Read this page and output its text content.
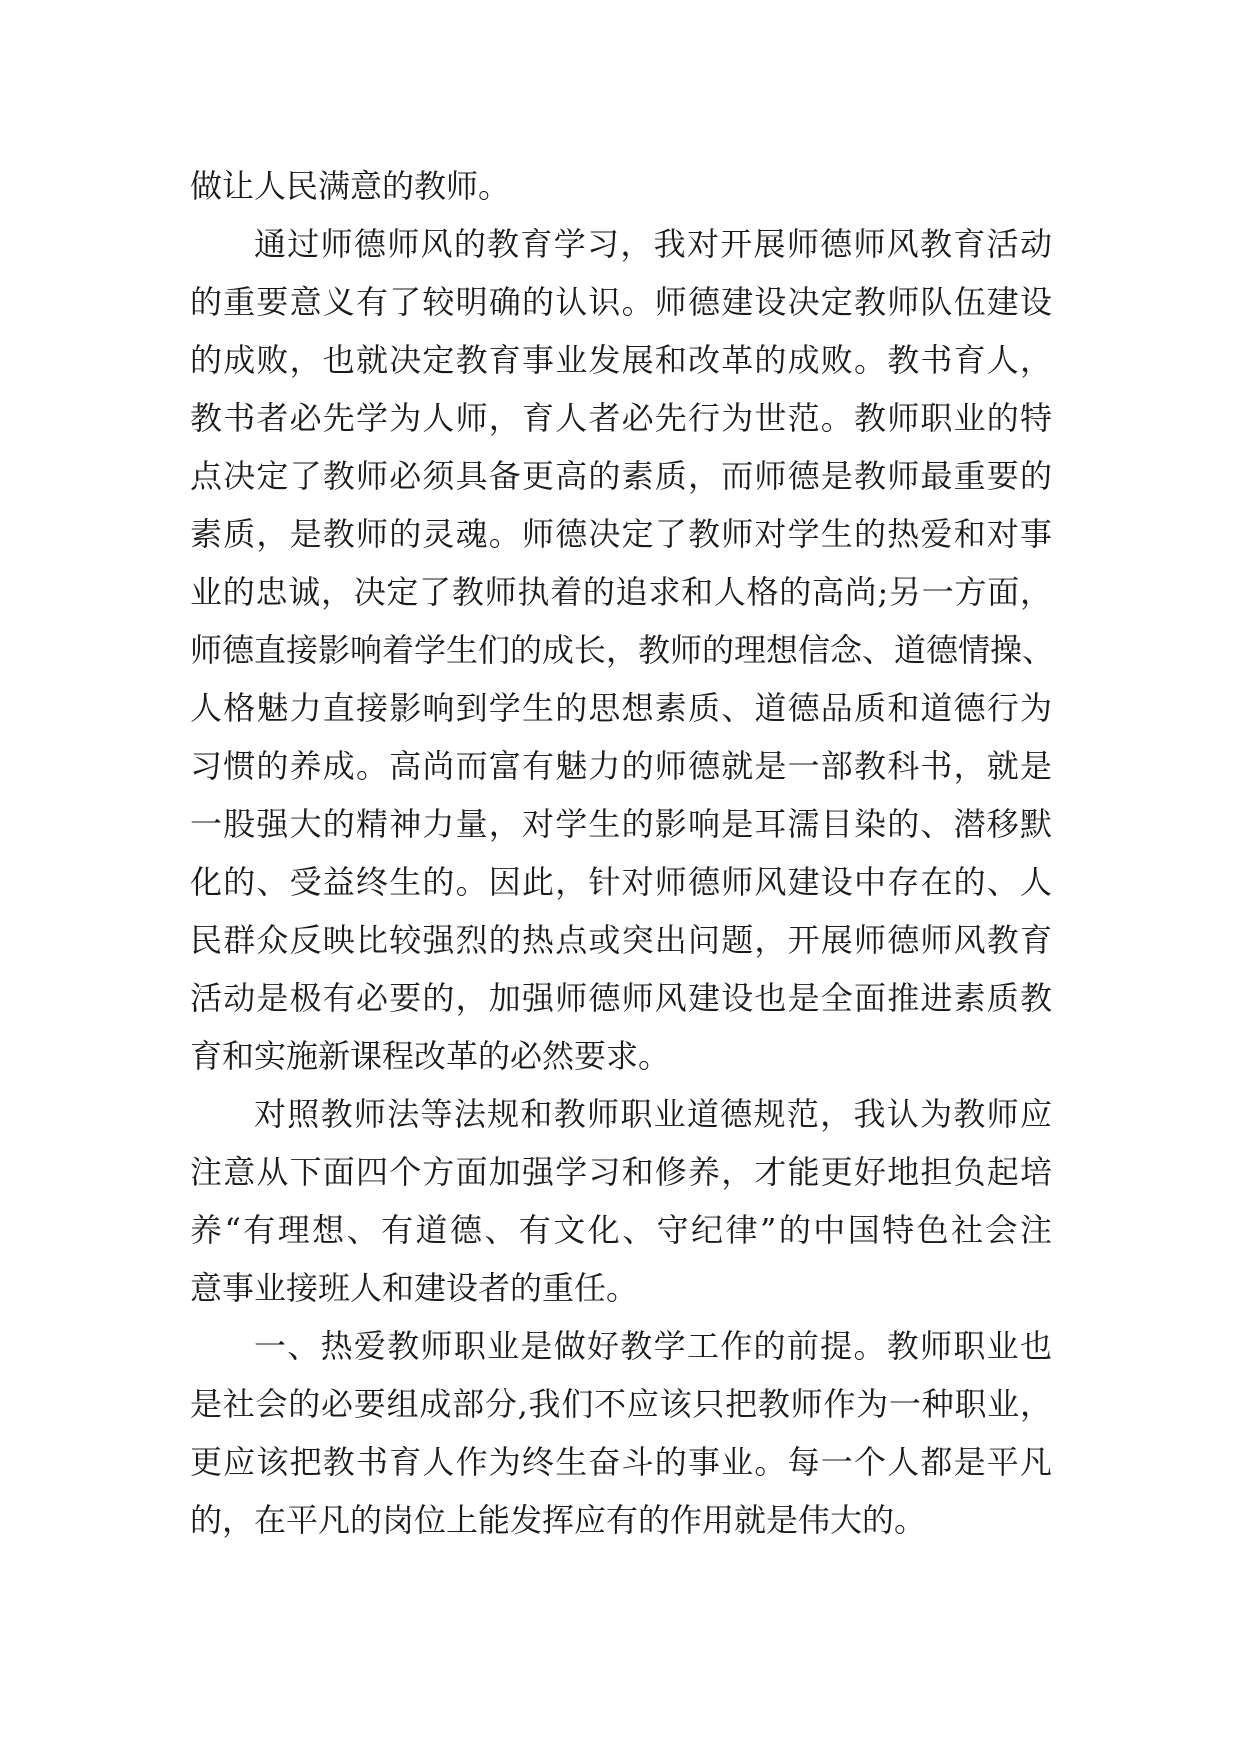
做让人民满意的教师。
通过师德师风的教育学习，我对开展师德师风教育活动
的重要意义有了较明确的认识。师德建设决定教师队伍建设
的成败，也就决定教育事业发展和改革的成败。教书育人，
教书者必先学为人师，育人者必先行为世范。教师职业的特
点决定了教师必须具备更高的素质，而师德是教师最重要的
素质，是教师的灵魂。师德决定了教师对学生的热爱和对事
业的忠诚，决定了教师执着的追求和人格的高尚;另一方面，
师德直接影响着学生们的成长，教师的理想信念、道德情操、
人格魅力直接影响到学生的思想素质、道德品质和道德行为
习惯的养成。高尚而富有魅力的师德就是一部教科书，就是
一股强大的精神力量，对学生的影响是耳濡目染的、潜移默
化的、受益终生的。因此，针对师德师风建设中存在的、人
民群众反映比较强烈的热点或突出问题，开展师德师风教育
活动是极有必要的，加强师德师风建设也是全面推进素质教
育和实施新课程改革的必然要求。
对照教师法等法规和教师职业道德规范，我认为教师应
注意从下面四个方面加强学习和修养，才能更好地担负起培
养“有理想、有道德、有文化、守纪律”的中国特色社会注
意事业接班人和建设者的重任。
一、热爱教师职业是做好教学工作的前提。教师职业也
是社会的必要组成部分,我们不应该只把教师作为一种职业，
更应该把教书育人作为终生奋斗的事业。每一个人都是平凡
的，在平凡的岗位上能发挥应有的作用就是伟大的。
